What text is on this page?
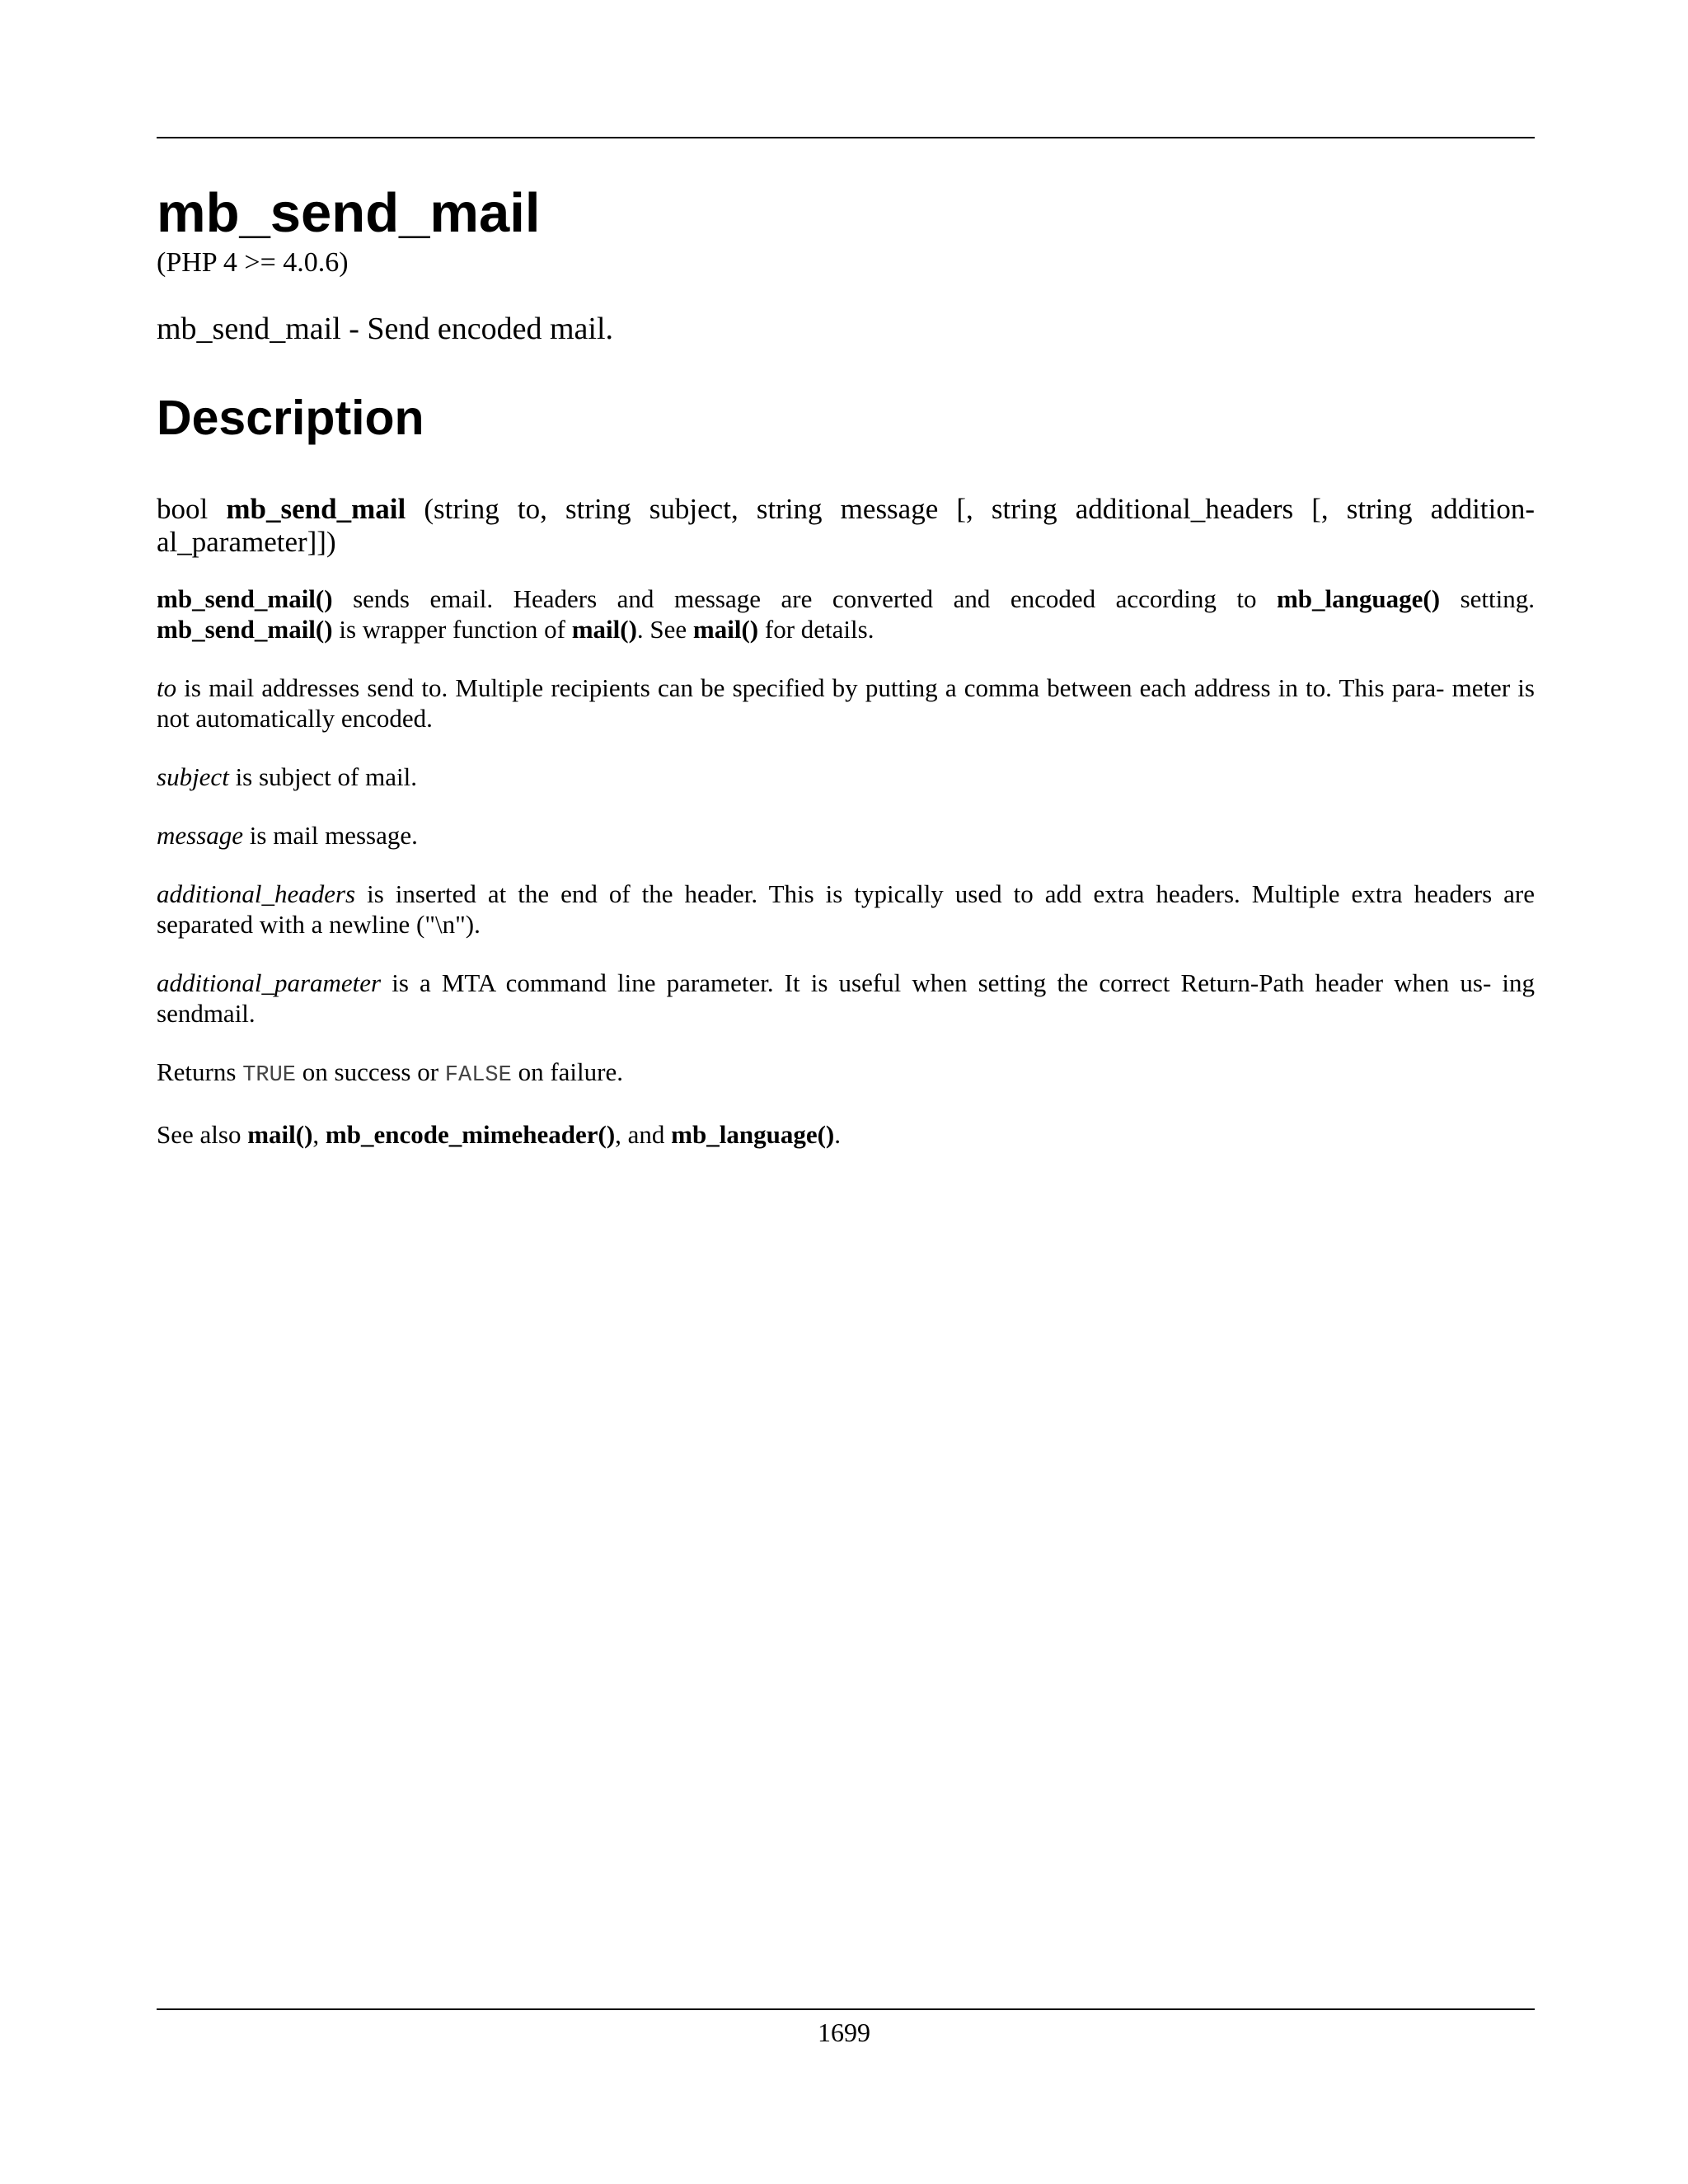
mb_send_mail
(PHP 4 >= 4.0.6)
mb_send_mail - Send encoded mail.
Description
bool mb_send_mail (string to, string subject, string message [, string additional_headers [, string addition- al_parameter]])

mb_send_mail() sends email. Headers and message are converted and encoded according to mb_language() setting. mb_send_mail() is wrapper function of mail(). See mail() for details.

to is mail addresses send to. Multiple recipients can be specified by putting a comma between each address in to. This para- meter is not automatically encoded.

subject is subject of mail.

message is mail message.

additional_headers is inserted at the end of the header. This is typically used to add extra headers. Multiple extra headers are separated with a newline ("\n").

additional_parameter is a MTA command line parameter. It is useful when setting the correct Return-Path header when us- ing sendmail.

Returns TRUE on success or FALSE on failure.

See also mail(), mb_encode_mimeheader(), and mb_language().

1699
